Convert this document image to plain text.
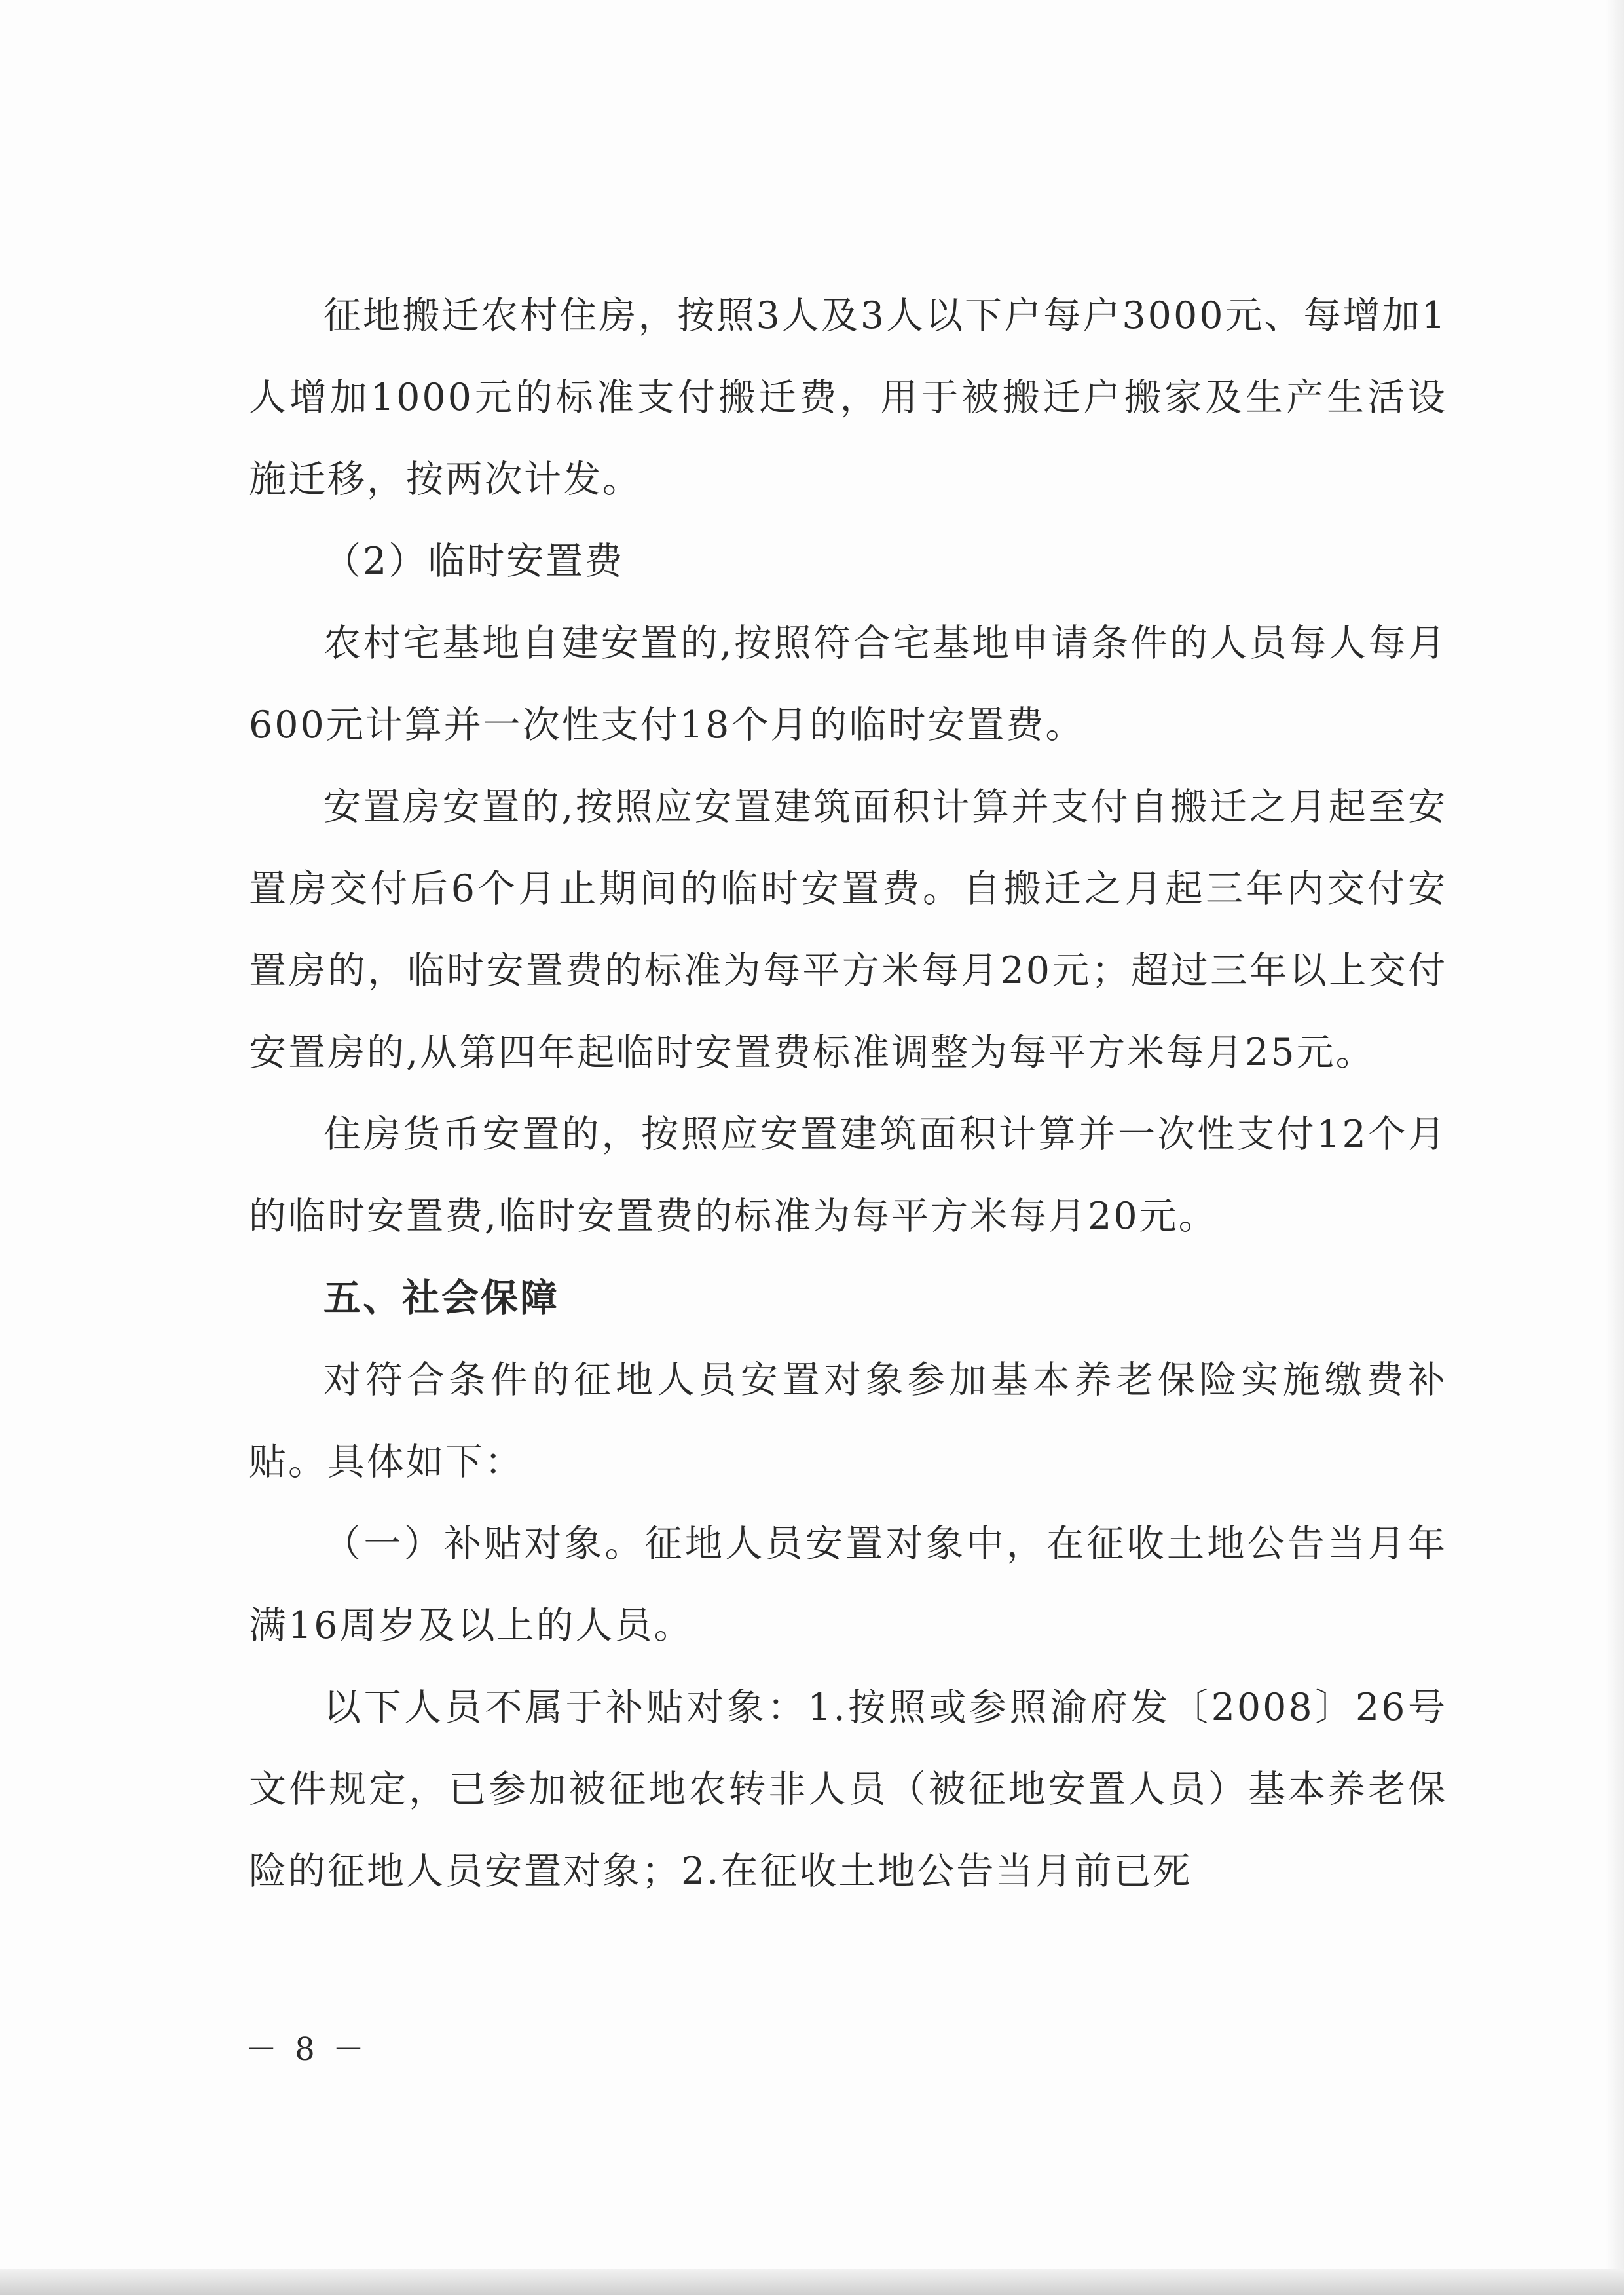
征地搬迁农村住房，按照3人及3人以下户每户3000元、每增加1人增加1000元的标准支付搬迁费，用于被搬迁户搬家及生产生活设施迁移，按两次计发。

（2）临时安置费

农村宅基地自建安置的,按照符合宅基地申请条件的人员每人每月600元计算并一次性支付18个月的临时安置费。

安置房安置的,按照应安置建筑面积计算并支付自搬迁之月起至安置房交付后6个月止期间的临时安置费。自搬迁之月起三年内交付安置房的，临时安置费的标准为每平方米每月20元；超过三年以上交付安置房的,从第四年起临时安置费标准调整为每平方米每月25元。

住房货币安置的，按照应安置建筑面积计算并一次性支付12个月的临时安置费,临时安置费的标准为每平方米每月20元。

五、社会保障

对符合条件的征地人员安置对象参加基本养老保险实施缴费补贴。具体如下：

（一）补贴对象。征地人员安置对象中，在征收土地公告当月年满16周岁及以上的人员。

以下人员不属于补贴对象：1.按照或参照渝府发〔2008〕26号文件规定，已参加被征地农转非人员（被征地安置人员）基本养老保险的征地人员安置对象；2.在征收土地公告当月前已死

－ 8 －
